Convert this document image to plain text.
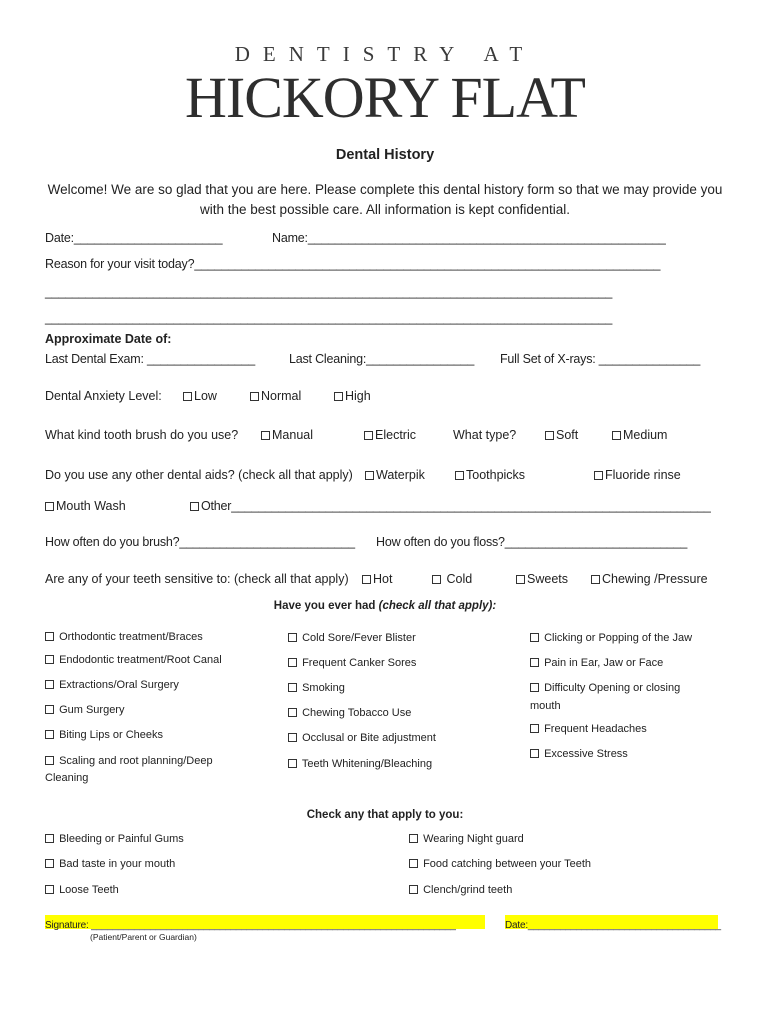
DENTISTRY AT
HICKORY FLAT
Dental History
Welcome! We are so glad that you are here. Please complete this dental history form so that we may provide you with the best possible care. All information is kept confidential.
Date:______________________	Name:_____________________________________________________
Reason for your visit today?_____________________________________________________________________
____________________________________________________________________________________
____________________________________________________________________________________
Approximate Date of:
Last Dental Exam: ________________	Last Cleaning:________________ Full Set of X-rays: _______________
Dental Anxiety Level:	Low	Normal	High
What kind tooth brush do you use?	Manual	Electric	What type?	Soft	Medium
Do you use any other dental aids? (check all that apply)	Waterpik	Toothpicks	Fluoride rinse
Mouth Wash	Other_______________________________________________________________________
How often do you brush?__________________________ How often do you floss?___________________________
Are any of your teeth sensitive to: (check all that apply)	Hot	Cold	Sweets	Chewing /Pressure
Have you ever had (check all that apply):
Orthodontic treatment/Braces
Endodontic treatment/Root Canal
Extractions/Oral Surgery
Gum Surgery
Biting Lips or Cheeks
Scaling and root planning/Deep
Cleaning
Cold Sore/Fever Blister
Frequent Canker Sores
Smoking
Chewing Tobacco Use
Occlusal or Bite adjustment
Teeth Whitening/Bleaching
Clicking or Popping of the Jaw
Pain in Ear, Jaw or Face
Difficulty Opening or closing
mouth
Frequent Headaches
Excessive Stress
Check any that apply to you:
Bleeding or Painful Gums
Bad taste in your mouth
Loose Teeth
Wearing Night guard
Food catching between your Teeth
Clench/grind teeth
Signature: ____________________________________________________________________
(Patient/Parent or Guardian)
Date:____________________________________
